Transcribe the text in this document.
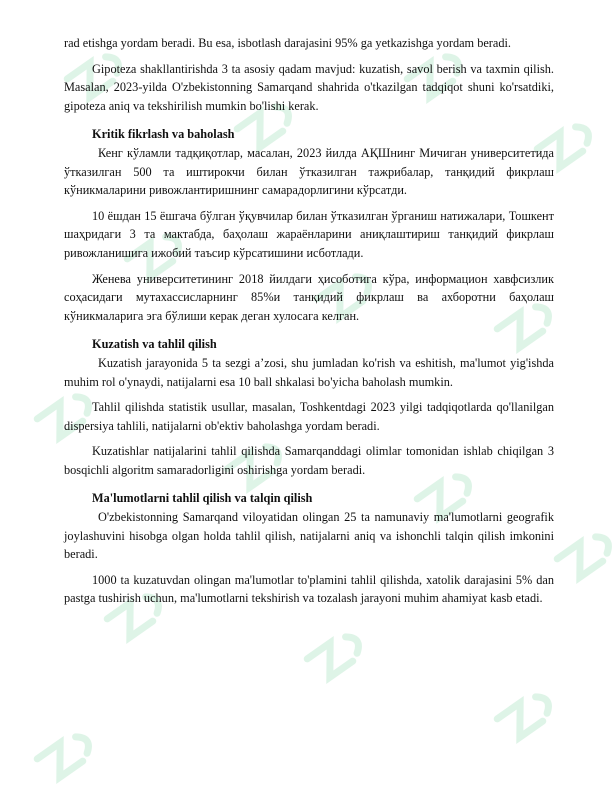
rad etishga yordam beradi. Bu esa, isbotlash darajasini 95% ga yetkazishga yordam beradi.

Gipoteza shakllantirishda 3 ta asosiy qadam mavjud: kuzatish, savol berish va taxmin qilish. Masalan, 2023-yilda O'zbekistonning Samarqand shahrida o'tkazilgan tadqiqot shuni ko'rsatdiki, gipoteza aniq va tekshirilish mumkin bo'lishi kerak.

Kritik fikrlash va baholash

Кенг кўламли тадқиқотлар, масалан, 2023 йилда АҚШнинг Мичиган университетида ўтказилган 500 та иштирокчи билан ўтказилган тажрибалар, танқидий фикрлаш кўникмаларини ривожлантиришнинг самарадорлигини кўрсатди.

10 ёшдан 15 ёшгача бўлган ўқувчилар билан ўтказилган ўрганиш натижалари, Тошкент шаҳридаги 3 та мактабда, баҳолаш жараёнларини аниқлаштириш танқидий фикрлаш ривожланишига ижобий таъсир кўрсатишини исботлади.

Женева университетининг 2018 йилдаги ҳисоботига кўра, информацион хавфсизлик соҳасидаги мутахассисларнинг 85%и танқидий фикрлаш ва ахборотни баҳолаш кўникмаларига эга бўлиши керак деган хулосага келган.

Kuzatish va tahlil qilish

Kuzatish jarayonida 5 ta sezgi a’zosi, shu jumladan ko'rish va eshitish, ma'lumot yig'ishda muhim rol o'ynaydi, natijalarni esa 10 ball shkalasi bo'yicha baholash mumkin.

Tahlil qilishda statistik usullar, masalan, Toshkentdagi 2023 yilgi tadqiqotlarda qo'llanilgan dispersiya tahlili, natijalarni ob'ektiv baholashga yordam beradi.

Kuzatishlar natijalarini tahlil qilishda Samarqanddagi olimlar tomonidan ishlab chiqilgan 3 bosqichli algoritm samaradorligini oshirishga yordam beradi.

Ma'lumotlarni tahlil qilish va talqin qilish

O'zbekistonning Samarqand viloyatidan olingan 25 ta namunaviy ma'lumotlarni geografik joylashuvini hisobga olgan holda tahlil qilish, natijalarni aniq va ishonchli talqin qilish imkonini beradi.

1000 ta kuzatuvdan olingan ma'lumotlar to'plamini tahlil qilishda, xatolik darajasini 5% dan pastga tushirish uchun, ma'lumotlarni tekshirish va tozalash jarayoni muhim ahamiyat kasb etadi.
